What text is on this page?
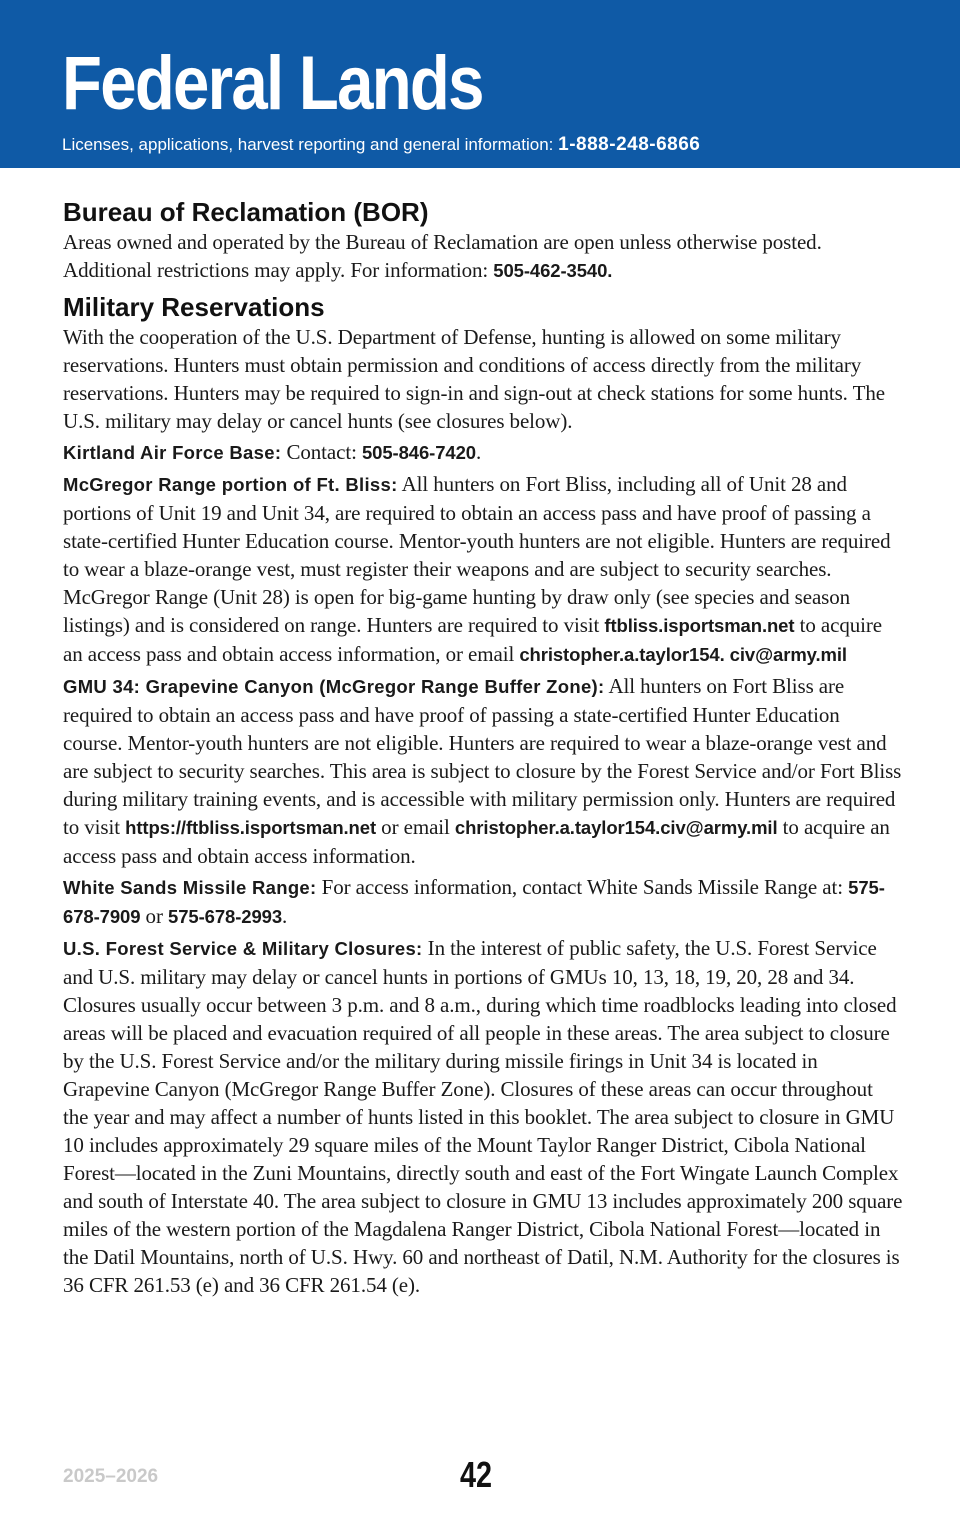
Federal Lands
Licenses, applications, harvest reporting and general information: 1-888-248-6866
Bureau of Reclamation (BOR)

Areas owned and operated by the Bureau of Reclamation are open unless otherwise posted. Additional restrictions may apply. For information: 505-462-3540.

Military Reservations

With the cooperation of the U.S. Department of Defense, hunting is allowed on some military reservations. Hunters must obtain permission and conditions of access directly from the military reservations. Hunters may be required to sign-in and sign-out at check stations for some hunts. The U.S. military may delay or cancel hunts (see closures below).

Kirtland Air Force Base: Contact: 505-846-7420.

McGregor Range portion of Ft. Bliss: All hunters on Fort Bliss, including all of Unit 28 and portions of Unit 19 and Unit 34, are required to obtain an access pass and have proof of passing a state-certified Hunter Education course. Mentor-youth hunters are not eligible. Hunters are required to wear a blaze-orange vest, must register their weapons and are subject to security searches. McGregor Range (Unit 28) is open for big-game hunting by draw only (see species and season listings) and is considered on range. Hunters are required to visit ftbliss.isportsman.net to acquire an access pass and obtain access information, or email christopher.a.taylor154. civ@army.mil

GMU 34: Grapevine Canyon (McGregor Range Buffer Zone): All hunters on Fort Bliss are required to obtain an access pass and have proof of passing a state-certified Hunter Education course. Mentor-youth hunters are not eligible. Hunters are required to wear a blaze-orange vest and are subject to security searches. This area is subject to closure by the Forest Service and/or Fort Bliss during military training events, and is accessible with military permission only. Hunters are required to visit https://ftbliss.isportsman.net or email christopher.a.taylor154.civ@army.mil to acquire an access pass and obtain access information.

White Sands Missile Range: For access information, contact White Sands Missile Range at: 575-678-7909 or 575-678-2993.

U.S. Forest Service & Military Closures: In the interest of public safety, the U.S. Forest Service and U.S. military may delay or cancel hunts in portions of GMUs 10, 13, 18, 19, 20, 28 and 34. Closures usually occur between 3 p.m. and 8 a.m., during which time roadblocks leading into closed areas will be placed and evacuation required of all people in these areas. The area subject to closure by the U.S. Forest Service and/or the military during missile firings in Unit 34 is located in Grapevine Canyon (McGregor Range Buffer Zone). Closures of these areas can occur throughout the year and may affect a number of hunts listed in this booklet. The area subject to closure in GMU 10 includes approximately 29 square miles of the Mount Taylor Ranger District, Cibola National Forest—located in the Zuni Mountains, directly south and east of the Fort Wingate Launch Complex and south of Interstate 40. The area subject to closure in GMU 13 includes approximately 200 square miles of the western portion of the Magdalena Ranger District, Cibola National Forest—located in the Datil Mountains, north of U.S. Hwy. 60 and northeast of Datil, N.M. Authority for the closures is 36 CFR 261.53 (e) and 36 CFR 261.54 (e).

2025–2026	42
